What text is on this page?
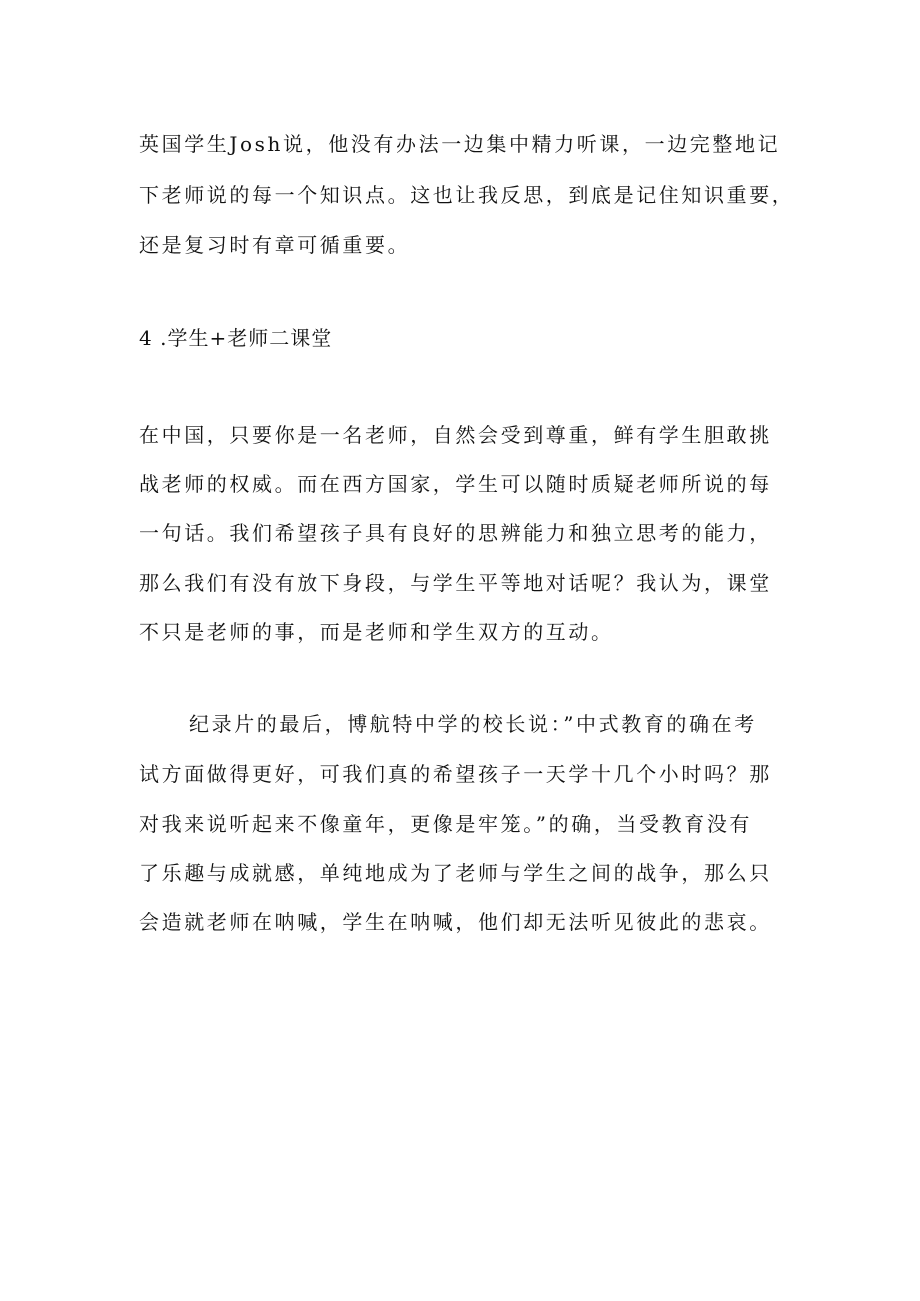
英国学生Josh说，他没有办法一边集中精力听课，一边完整地记
下老师说的每一个知识点。这也让我反思，到底是记住知识重要，
还是复习时有章可循重要。
4 .学生+老师二课堂
在中国，只要你是一名老师，自然会受到尊重，鲜有学生胆敢挑
战老师的权威。而在西方国家，学生可以随时质疑老师所说的每
一句话。我们希望孩子具有良好的思辨能力和独立思考的能力，
那么我们有没有放下身段，与学生平等地对话呢？我认为，课堂
不只是老师的事，而是老师和学生双方的互动。
纪录片的最后，博航特中学的校长说：”中式教育的确在考
试方面做得更好，可我们真的希望孩子一天学十几个小时吗？那
对我来说听起来不像童年，更像是牢笼。”的确，当受教育没有
了乐趣与成就感，单纯地成为了老师与学生之间的战争，那么只
会造就老师在呐喊，学生在呐喊，他们却无法听见彼此的悲哀。
